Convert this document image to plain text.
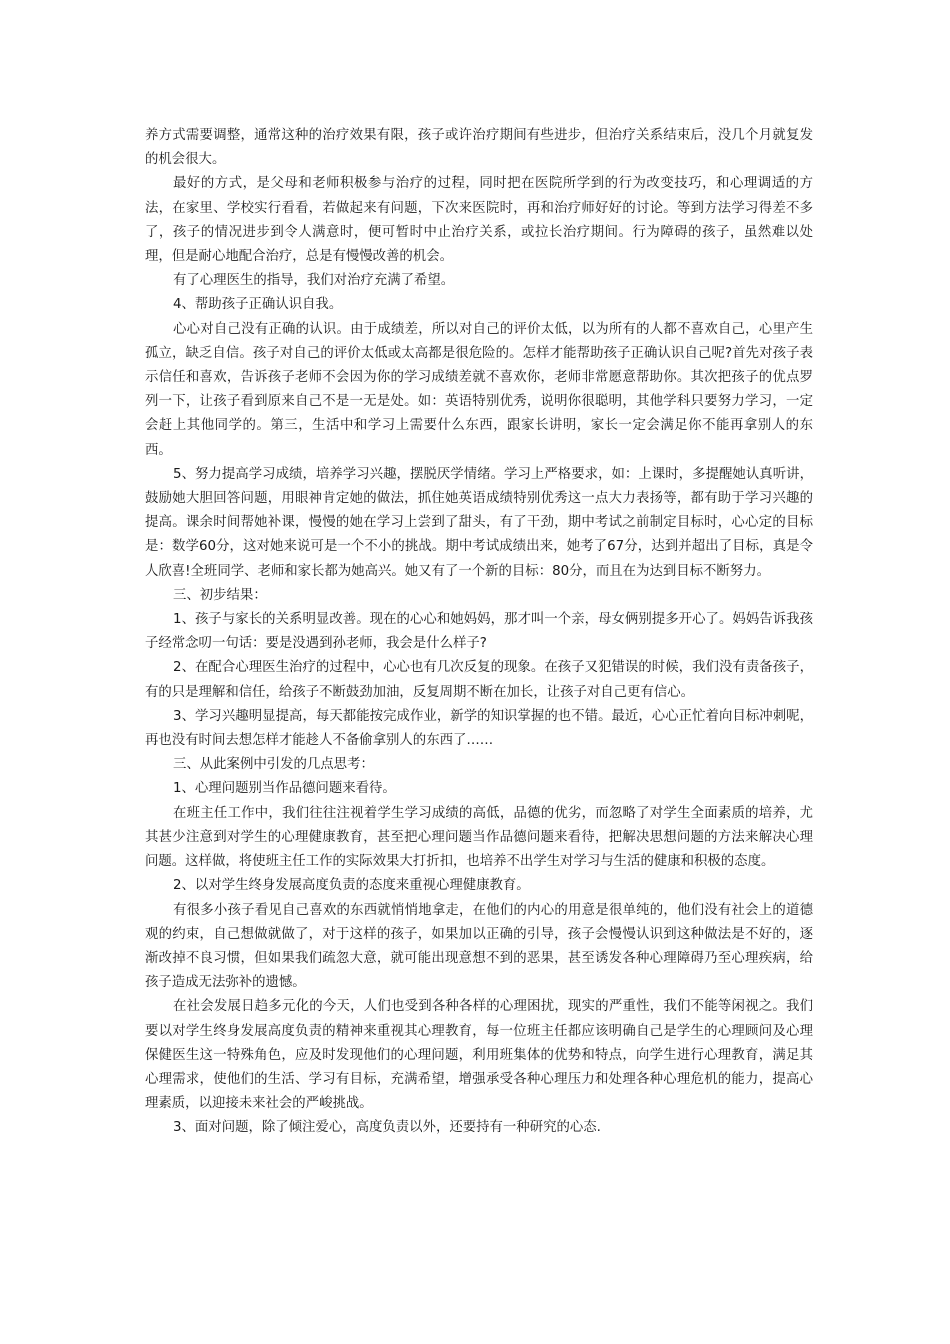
养方式需要调整，通常这种的治疗效果有限，孩子或许治疗期间有些进步，但治疗关系结束后，没几个月就复发的机会很大。

最好的方式，是父母和老师积极参与治疗的过程，同时把在医院所学到的行为改变技巧，和心理调适的方法，在家里、学校实行看看，若做起来有问题，下次来医院时，再和治疗师好好的讨论。等到方法学习得差不多了，孩子的情况进步到令人满意时，便可暂时中止治疗关系，或拉长治疗期间。行为障碍的孩子，虽然难以处理，但是耐心地配合治疗，总是有慢慢改善的机会。

有了心理医生的指导，我们对治疗充满了希望。

4、帮助孩子正确认识自我。

心心对自己没有正确的认识。由于成绩差，所以对自己的评价太低，以为所有的人都不喜欢自己，心里产生孤立，缺乏自信。孩子对自己的评价太低或太高都是很危险的。怎样才能帮助孩子正确认识自己呢?首先对孩子表示信任和喜欢，告诉孩子老师不会因为你的学习成绩差就不喜欢你，老师非常愿意帮助你。其次把孩子的优点罗列一下，让孩子看到原来自己不是一无是处。如：英语特别优秀，说明你很聪明，其他学科只要努力学习，一定会赶上其他同学的。第三，生活中和学习上需要什么东西，跟家长讲明，家长一定会满足你不能再拿别人的东西。

5、努力提高学习成绩，培养学习兴趣，摆脱厌学情绪。学习上严格要求，如：上课时，多提醒她认真听讲，鼓励她大胆回答问题，用眼神肯定她的做法，抓住她英语成绩特别优秀这一点大力表扬等，都有助于学习兴趣的提高。课余时间帮她补课，慢慢的她在学习上尝到了甜头，有了干劲，期中考试之前制定目标时，心心定的目标是：数学60分，这对她来说可是一个不小的挑战。期中考试成绩出来，她考了67分，达到并超出了目标，真是令人欣喜!全班同学、老师和家长都为她高兴。她又有了一个新的目标：80分，而且在为达到目标不断努力。

三、初步结果：

1、孩子与家长的关系明显改善。现在的心心和她妈妈，那才叫一个亲，母女俩别提多开心了。妈妈告诉我孩子经常念叨一句话：要是没遇到孙老师，我会是什么样子?

2、在配合心理医生治疗的过程中，心心也有几次反复的现象。在孩子又犯错误的时候，我们没有责备孩子，有的只是理解和信任，给孩子不断鼓劲加油，反复周期不断在加长，让孩子对自己更有信心。

3、学习兴趣明显提高，每天都能按完成作业，新学的知识掌握的也不错。最近，心心正忙着向目标冲刺呢，再也没有时间去想怎样才能趁人不备偷拿别人的东西了……

三、从此案例中引发的几点思考：

1、心理问题别当作品德问题来看待。

在班主任工作中，我们往往注视着学生学习成绩的高低，品德的优劣，而忽略了对学生全面素质的培养，尤其甚少注意到对学生的心理健康教育，甚至把心理问题当作品德问题来看待，把解决思想问题的方法来解决心理问题。这样做，将使班主任工作的实际效果大打折扣，也培养不出学生对学习与生活的健康和积极的态度。

2、以对学生终身发展高度负责的态度来重视心理健康教育。

有很多小孩子看见自己喜欢的东西就悄悄地拿走，在他们的内心的用意是很单纯的，他们没有社会上的道德观的约束，自己想做就做了，对于这样的孩子，如果加以正确的引导，孩子会慢慢认识到这种做法是不好的，逐渐改掉不良习惯，但如果我们疏忽大意，就可能出现意想不到的恶果，甚至诱发各种心理障碍乃至心理疾病，给孩子造成无法弥补的遗憾。

在社会发展日趋多元化的今天，人们也受到各种各样的心理困扰，现实的严重性，我们不能等闲视之。我们要以对学生终身发展高度负责的精神来重视其心理教育，每一位班主任都应该明确自己是学生的心理顾问及心理保健医生这一特殊角色，应及时发现他们的心理问题，利用班集体的优势和特点，向学生进行心理教育，满足其心理需求，使他们的生活、学习有目标，充满希望，增强承受各种心理压力和处理各种心理危机的能力，提高心理素质，以迎接未来社会的严峻挑战。

3、面对问题，除了倾注爱心，高度负责以外，还要持有一种研究的心态.
